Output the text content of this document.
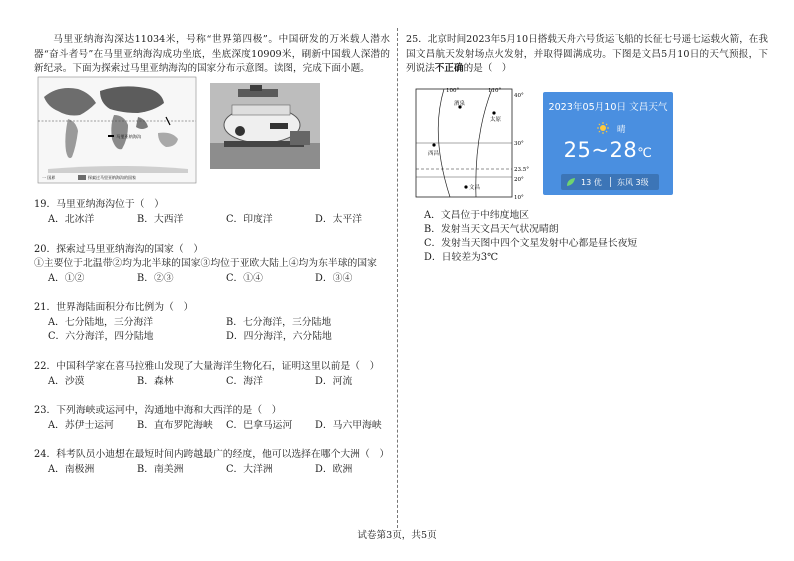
马里亚纳海沟深达11034米，号称“世界第四极”。中国研发的万米载人潜水器“奋斗者号”在马里亚纳海沟成功坐底，坐底深度10909米，刷新中国载人深潜的新纪录。下面为探索过马里亚纳海沟的国家分布示意图。读图，完成下面小题。

马里亚纳海沟
一 国界	探索过马里亚纳海沟的国家

19．马里亚纳海沟位于（　）

A．北冰洋	B．大西洋	C．印度洋	D．太平洋

20．探索过马里亚纳海沟的国家（　）

①主要位于北温带②均为北半球的国家③均位于亚欧大陆上④均为东半球的国家

A．①②	B．②③	C．①④	D．③④

21．世界海陆面积分布比例为（　）

A．七分陆地，三分海洋	B．七分海洋，三分陆地
C．六分海洋，四分陆地	D．四分海洋，六分陆地

22．中国科学家在喜马拉雅山发现了大量海洋生物化石，证明这里以前是（　）

A．沙漠	B．森林	C．海洋	D．河流

23．下列海峡或运河中，沟通地中海和大西洋的是（　）

A．苏伊士运河	B．直布罗陀海峡	C．巴拿马运河	D．马六甲海峡

24．科考队员小迪想在最短时间内跨越最广的经度，他可以选择在哪个大洲（　）

A．南极洲	B．南美洲	C．大洋洲	D．欧洲

25．北京时间2023年5月10日搭载天舟六号货运飞船的长征七号遥七运载火箭，在我国文昌航天发射场点火发射，并取得圆满成功。下图是文昌5月10日的天气预报，下列说法不正确的是（　）

100°	110°
40°
30°
23.5°
20°
10°
酒泉
太原
西昌
文昌
2023年05月10日 文昌天气
晴
25~28℃
13 优 东风 3级
A．文昌位于中纬度地区
B．发射当天文昌天气状况晴朗
C．发射当天图中四个文星发射中心都是昼长夜短
D．日较差为3℃
试卷第3页，共5页
